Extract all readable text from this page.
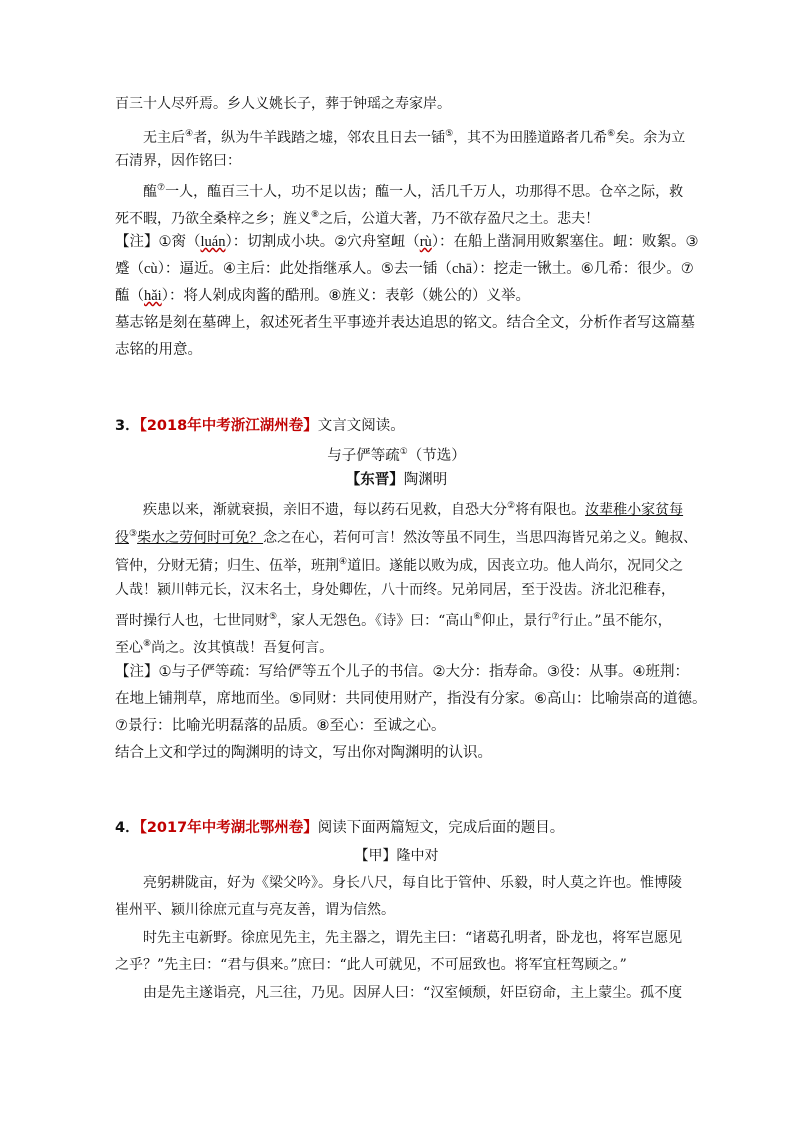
百三十人尽歼焉。乡人义姚长子，葬于钟瑶之寿家岸。
无主后④者，纵为牛羊践踏之墟，邻农且日去一锸⑤，其不为田塍道路者几希⑥矣。余为立
石清界，因作铭曰：
醢⑦一人，醢百三十人，功不足以齿；醢一人，活几千万人，功那得不思。仓卒之际，救
死不暇，乃欲全桑梓之乡；旌义⑧之后，公道大著，乃不欲存盈尺之土。悲夫！
【注】①脔（luán）：切割成小块。②穴舟窒衄（rù）：在船上凿洞用败絮塞住。衄：败絮。③
蹙（cù）：逼近。④主后：此处指继承人。⑤去一锸（chā）：挖走一锹土。⑥几希：很少。⑦
醢（hǎi）：将人剁成肉酱的酷刑。⑧旌义：表彰（姚公的）义举。
墓志铭是刻在墓碑上，叙述死者生平事迹并表达追思的铭文。结合全文，分析作者写这篇墓
志铭的用意。
3．【2018年中考浙江湖州卷】文言文阅读。
与子俨等疏①（节选）
【东晋】陶渊明
疾患以来，渐就衰损，亲旧不遗，每以药石见救，自恐大分②将有限也。汝辈稚小家贫每
役③柴水之劳何时可免？念之在心，若何可言！然汝等虽不同生，当思四海皆兄弟之义。鲍叔、
管仲，分财无猜；归生、伍举，班荆④道旧。遂能以败为成，因丧立功。他人尚尔，况同父之
人哉！颍川韩元长，汉末名士，身处卿佐，八十而终。兄弟同居，至于没齿。济北氾稚春，
晋时操行人也，七世同财⑤，家人无怨色。《诗》曰：“高山⑥仰止，景行⑦行止。”虽不能尔，
至心⑧尚之。汝其慎哉！吾复何言。
【注】①与子俨等疏：写给俨等五个儿子的书信。②大分：指寿命。③役：从事。④班荆：
在地上铺荆草，席地而坐。⑤同财：共同使用财产，指没有分家。⑥高山：比喻崇高的道德。
⑦景行：比喻光明磊落的品质。⑧至心：至诚之心。
结合上文和学过的陶渊明的诗文，写出你对陶渊明的认识。
4．【2017年中考湖北鄂州卷】阅读下面两篇短文，完成后面的题目。
【甲】隆中对
亮躬耕陇亩，好为《梁父吟》。身长八尺，每自比于管仲、乐毅，时人莫之许也。惟博陵
崔州平、颍川徐庶元直与亮友善，谓为信然。
时先主屯新野。徐庶见先主，先主器之，谓先主曰：“诸葛孔明者，卧龙也，将军岂愿见
之乎？”先主曰：“君与俱来。”庶曰：“此人可就见，不可屈致也。将军宜枉驾顾之。”
由是先主遂诣亮，凡三往，乃见。因屏人曰：“汉室倾颓，奸臣窃命，主上蒙尘。孤不度
